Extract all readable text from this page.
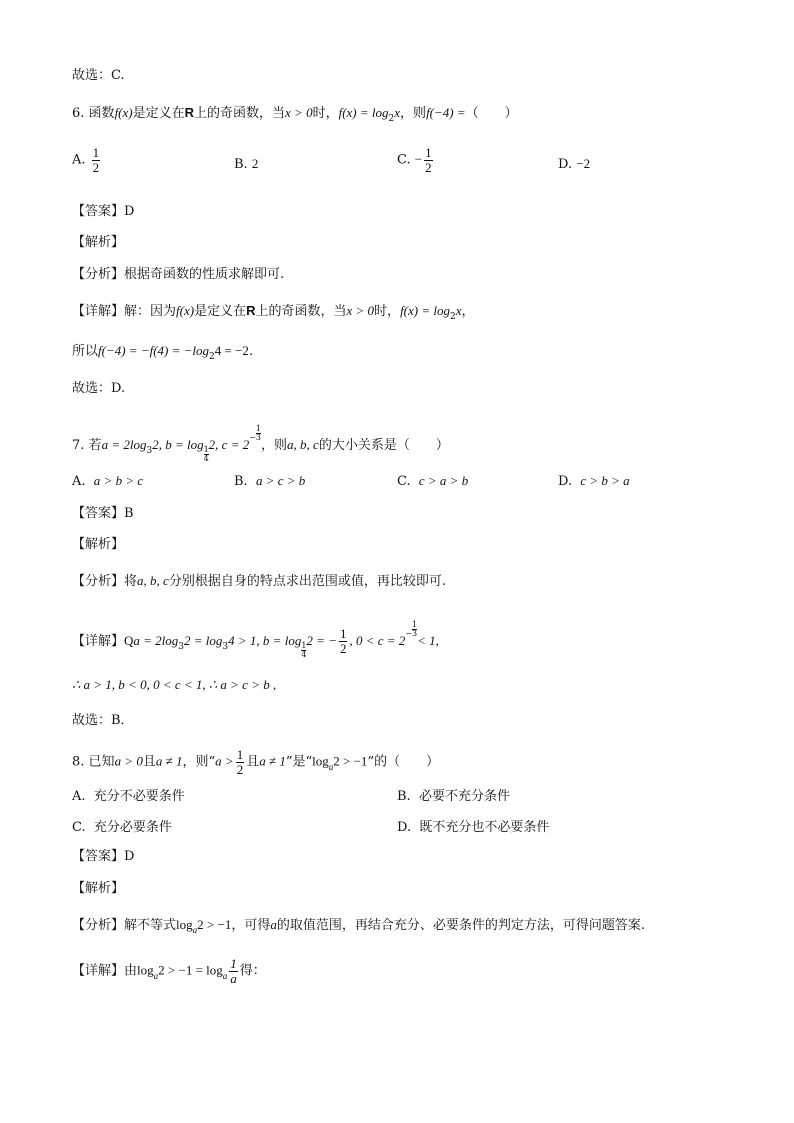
故选：C.
6. 函数f(x)是定义在R上的奇函数，当x > 0时，$f(x) = \log_2x$，则f(−4) =（　　）
A. $\frac{1}{2}$	B. 2	C. − $\frac{1}{2}$	D. −2
【答案】D
【解析】
【分析】根据奇函数的性质求解即可.
【详解】解：因为f(x)是定义在R上的奇函数，当x > 0时，$f(x) = \log_2x$，
所以$f(-4) = -f(4) = -\log_24 = -2$.
故选：D.
7. 若$a = 2\log_32$, b = log
$\frac{1}{4}2$, $c = 2- \frac{1}{3}$
，则a, b, c的大小关系是（　　）
A. a > b > c	B. a > c > b	C. c > a > b	D. c > b > a
【答案】B
【解析】
【分析】将a, b, c分别根据自身的特点求出范围或值，再比较即可.
【详解】$Qa = 2\log_32 = \log_34 > 1$, b = log
$\frac{1}{4}2$ = − $\frac{1}{2}$ , $0 < c = 2- \frac{1}{3}$
< 1,
∴ a > 1, b < 0, 0 < c < 1, ∴ a > c > b ,
故选：B．
8. 已知a > 0且a ≠ 1，则“$a > \frac{1}{2}$ 且a ≠ 1”是“$\log_a2 > -1$”的（　　）
A. 充分不必要条件	B. 必要不充分条件
C. 充分必要条件	D. 既不充分也不必要条件
【答案】D
【解析】
【分析】解不等式$\log_a2 > -1$，可得a的取值范围，再结合充分、必要条件的判定方法，可得问题答案.
【详解】由$\log_a2 > -1 = \log_a \frac{1}{a}$ 得：
